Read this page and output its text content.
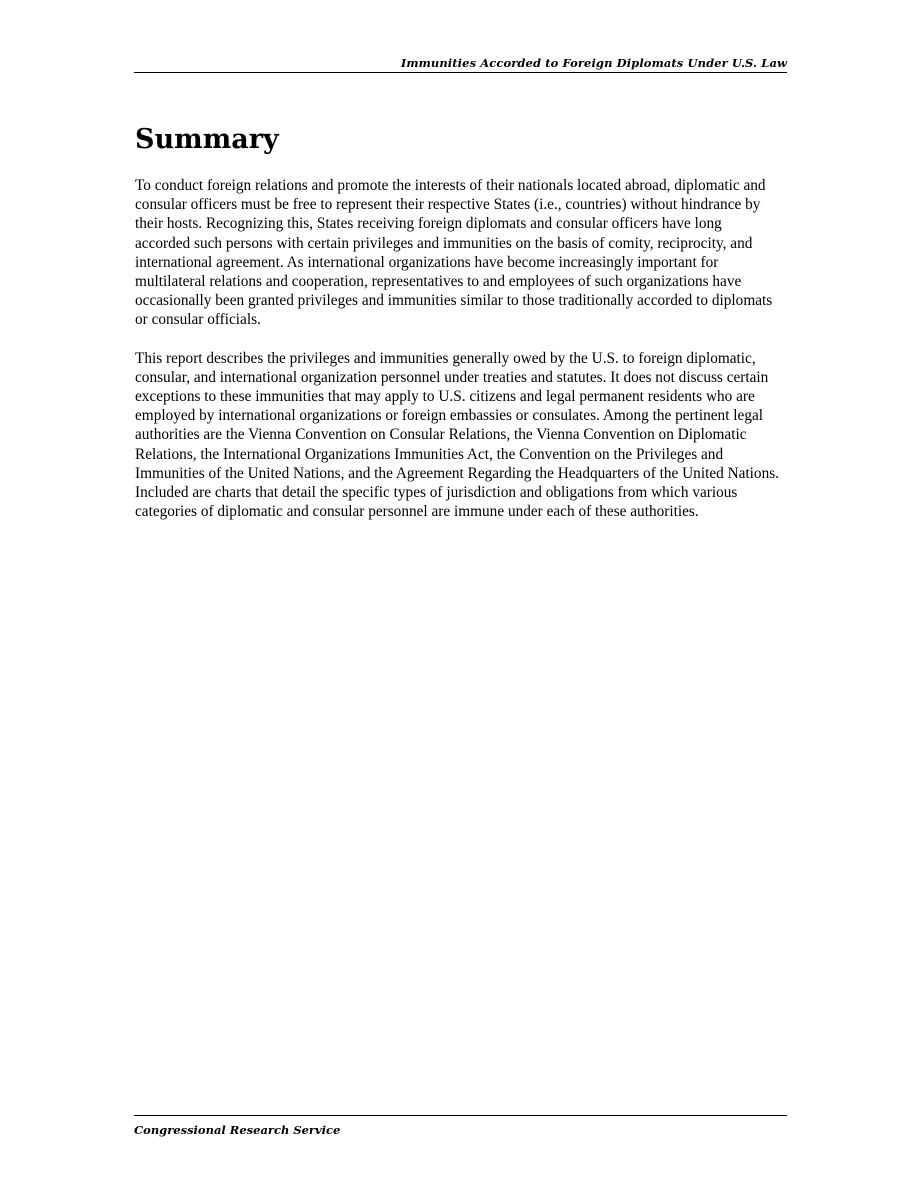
Immunities Accorded to Foreign Diplomats Under U.S. Law
Summary

To conduct foreign relations and promote the interests of their nationals located abroad, diplomatic and consular officers must be free to represent their respective States (i.e., countries) without hindrance by their hosts. Recognizing this, States receiving foreign diplomats and consular officers have long accorded such persons with certain privileges and immunities on the basis of comity, reciprocity, and international agreement. As international organizations have become increasingly important for multilateral relations and cooperation, representatives to and employees of such organizations have occasionally been granted privileges and immunities similar to those traditionally accorded to diplomats or consular officials.

This report describes the privileges and immunities generally owed by the U.S. to foreign diplomatic, consular, and international organization personnel under treaties and statutes. It does not discuss certain exceptions to these immunities that may apply to U.S. citizens and legal permanent residents who are employed by international organizations or foreign embassies or consulates. Among the pertinent legal authorities are the Vienna Convention on Consular Relations, the Vienna Convention on Diplomatic Relations, the International Organizations Immunities Act, the Convention on the Privileges and Immunities of the United Nations, and the Agreement Regarding the Headquarters of the United Nations. Included are charts that detail the specific types of jurisdiction and obligations from which various categories of diplomatic and consular personnel are immune under each of these authorities.

Congressional Research Service
